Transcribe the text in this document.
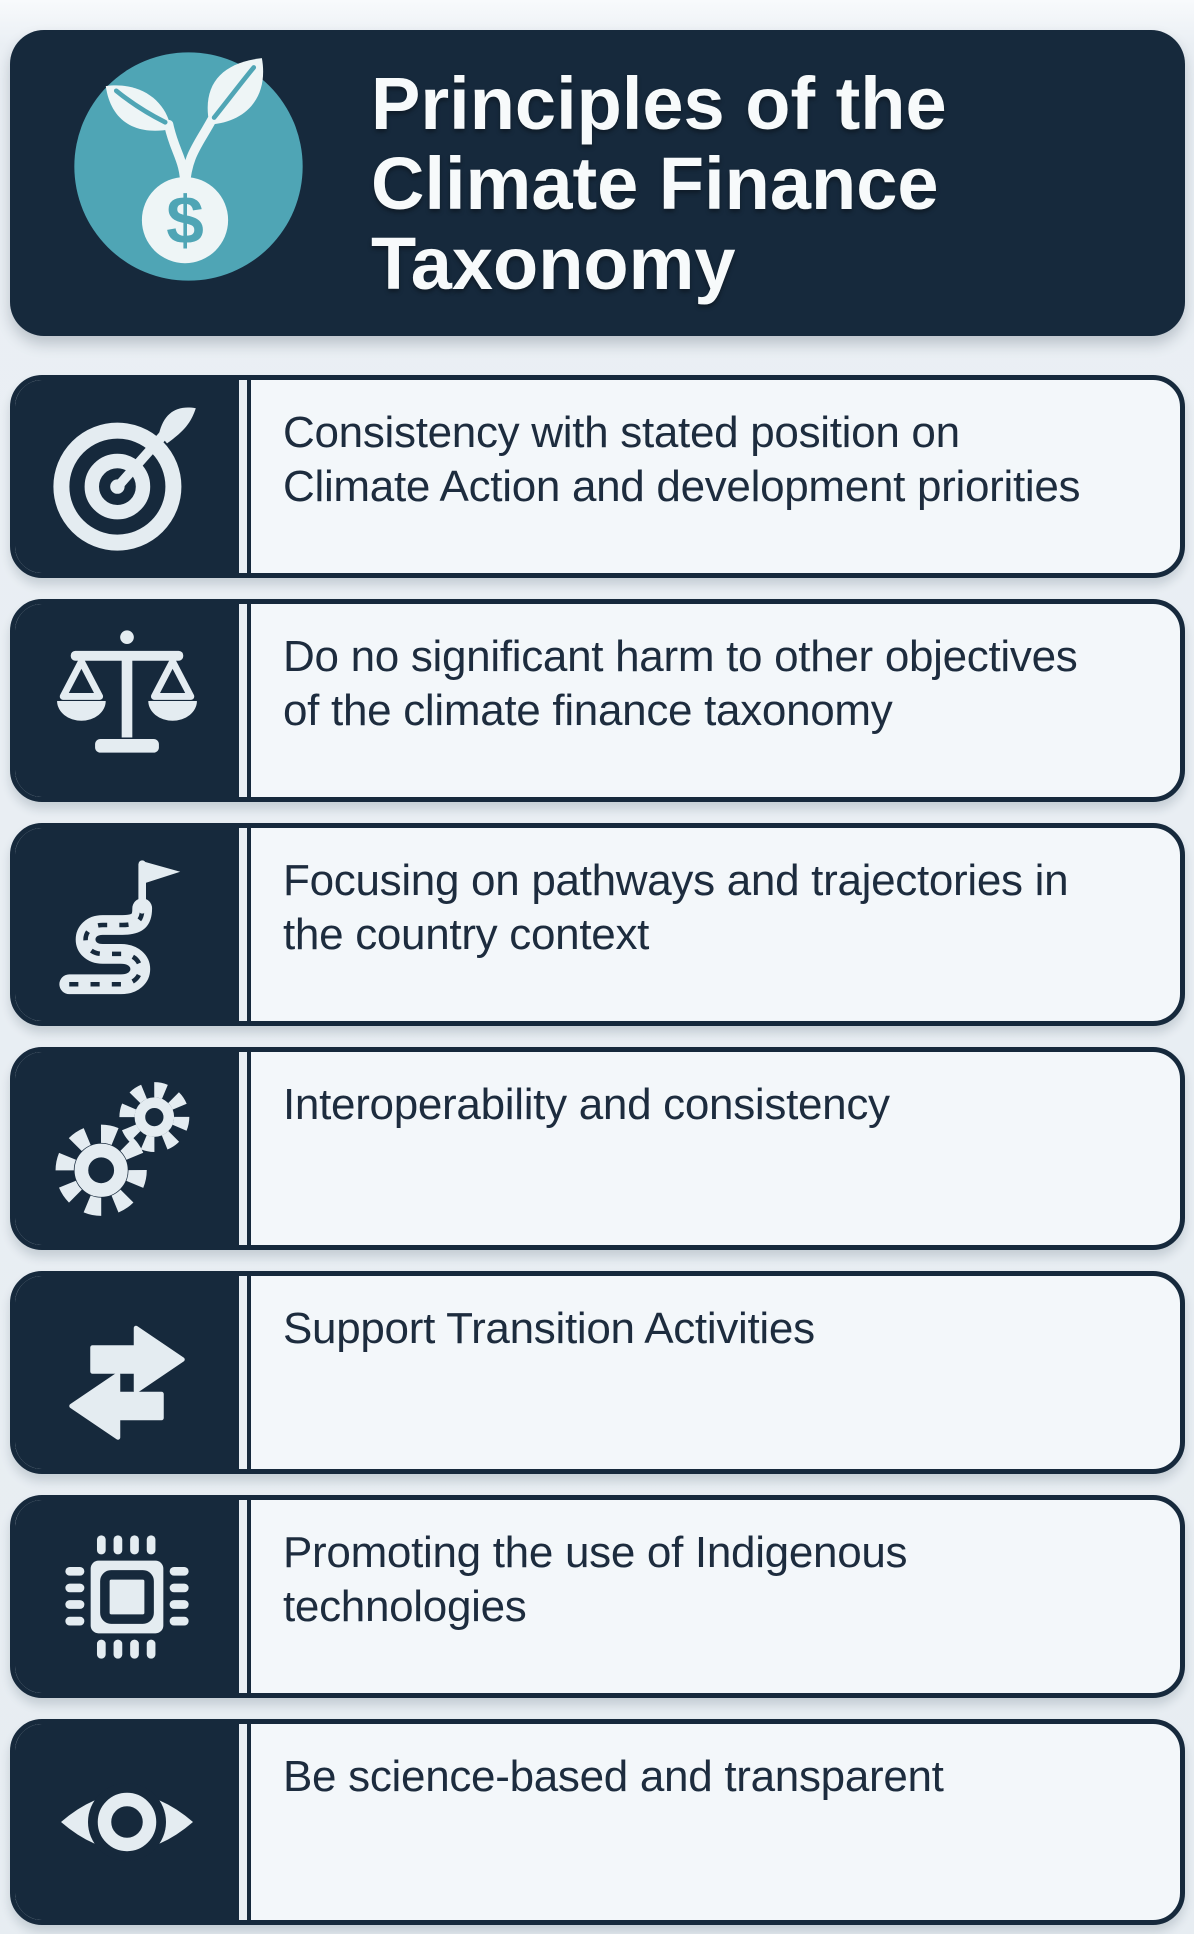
$
Principles of the
Climate Finance
Taxonomy
Consistency with stated position on Climate Action and development priorities
Do no significant harm to other objectives of the climate finance taxonomy
Focusing on pathways and trajectories in the country context
Interoperability and consistency
Support Transition Activities
Promoting the use of Indigenous technologies
Be science-based and transparent
